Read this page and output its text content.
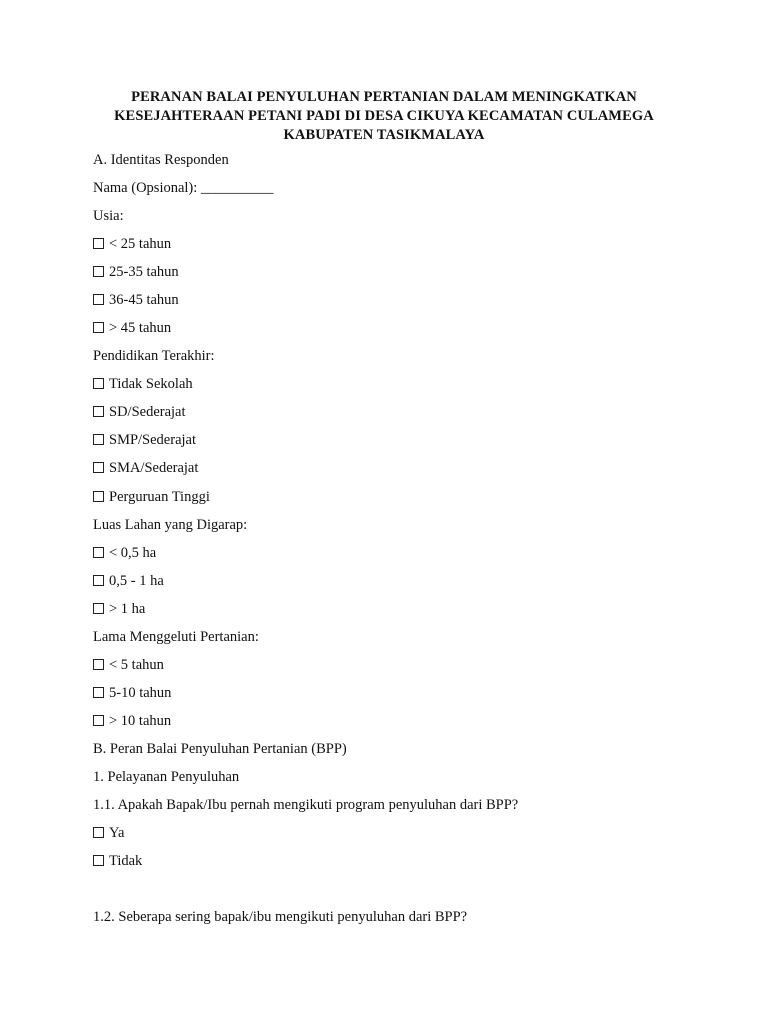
PERANAN BALAI PENYULUHAN PERTANIAN DALAM MENINGKATKAN
KESEJAHTERAAN PETANI PADI DI DESA CIKUYA KECAMATAN CULAMEGA
KABUPATEN TASIKMALAYA
A. Identitas Responden
Nama (Opsional): __________
Usia:
< 25 tahun
25-35 tahun
36-45 tahun
> 45 tahun
Pendidikan Terakhir:
Tidak Sekolah
SD/Sederajat
SMP/Sederajat
SMA/Sederajat
Perguruan Tinggi
Luas Lahan yang Digarap:
< 0,5 ha
0,5 - 1 ha
> 1 ha
Lama Menggeluti Pertanian:
< 5 tahun
5-10 tahun
> 10 tahun
B. Peran Balai Penyuluhan Pertanian (BPP)
1. Pelayanan Penyuluhan
1.1. Apakah Bapak/Ibu pernah mengikuti program penyuluhan dari BPP?
Ya
Tidak
1.2. Seberapa sering bapak/ibu mengikuti penyuluhan dari BPP?
